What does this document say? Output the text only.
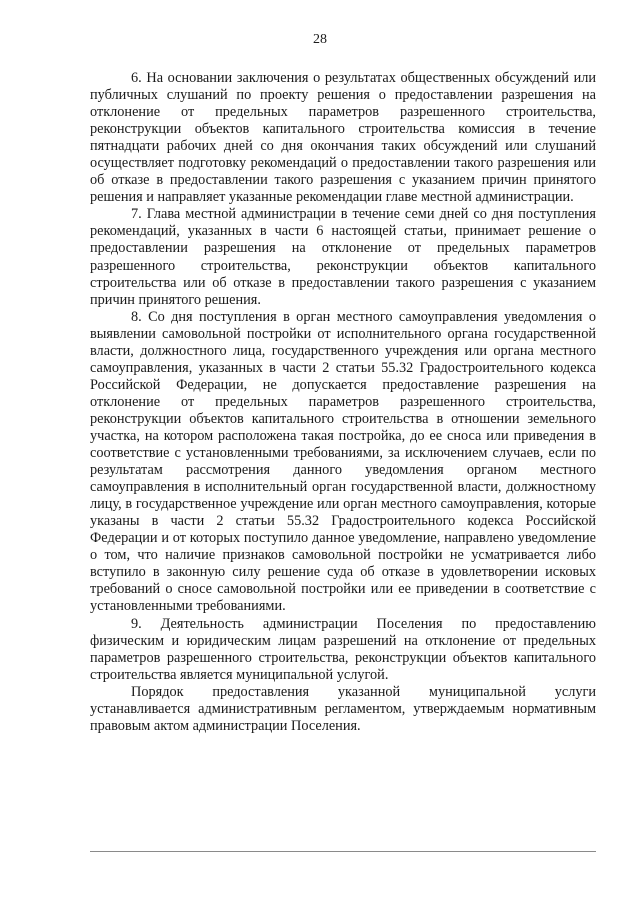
28

6. На основании заключения о результатах общественных обсуждений или публичных слушаний по проекту решения о предоставлении разрешения на отклонение от предельных параметров разрешенного строительства, реконструкции объектов капитального строительства комиссия в течение пятнадцати рабочих дней со дня окончания таких обсуждений или слушаний осуществляет подготовку рекомендаций о предоставлении такого разрешения или об отказе в предоставлении такого разрешения с указанием причин принятого решения и направляет указанные рекомендации главе местной администрации.

7. Глава местной администрации в течение семи дней со дня поступления рекомендаций, указанных в части 6 настоящей статьи, принимает решение о предоставлении разрешения на отклонение от предельных параметров разрешенного строительства, реконструкции объектов капитального строительства или об отказе в предоставлении такого разрешения с указанием причин принятого решения.

8. Со дня поступления в орган местного самоуправления уведомления о выявлении самовольной постройки от исполнительного органа государственной власти, должностного лица, государственного учреждения или органа местного самоуправления, указанных в части 2 статьи 55.32 Градостроительного кодекса Российской Федерации, не допускается предоставление разрешения на отклонение от предельных параметров разрешенного строительства, реконструкции объектов капитального строительства в отношении земельного участка, на котором расположена такая постройка, до ее сноса или приведения в соответствие с установленными требованиями, за исключением случаев, если по результатам рассмотрения данного уведомления органом местного самоуправления в исполнительный орган государственной власти, должностному лицу, в государственное учреждение или орган местного самоуправления, которые указаны в части 2 статьи 55.32 Градостроительного кодекса Российской Федерации и от которых поступило данное уведомление, направлено уведомление о том, что наличие признаков самовольной постройки не усматривается либо вступило в законную силу решение суда об отказе в удовлетворении исковых требований о сносе самовольной постройки или ее приведении в соответствие с установленными требованиями.

9. Деятельность администрации Поселения по предоставлению физическим и юридическим лицам разрешений на отклонение от предельных параметров разрешенного строительства, реконструкции объектов капитального строительства является муниципальной услугой.

Порядок предоставления указанной муниципальной услуги устанавливается административным регламентом, утверждаемым нормативным правовым актом администрации Поселения.
